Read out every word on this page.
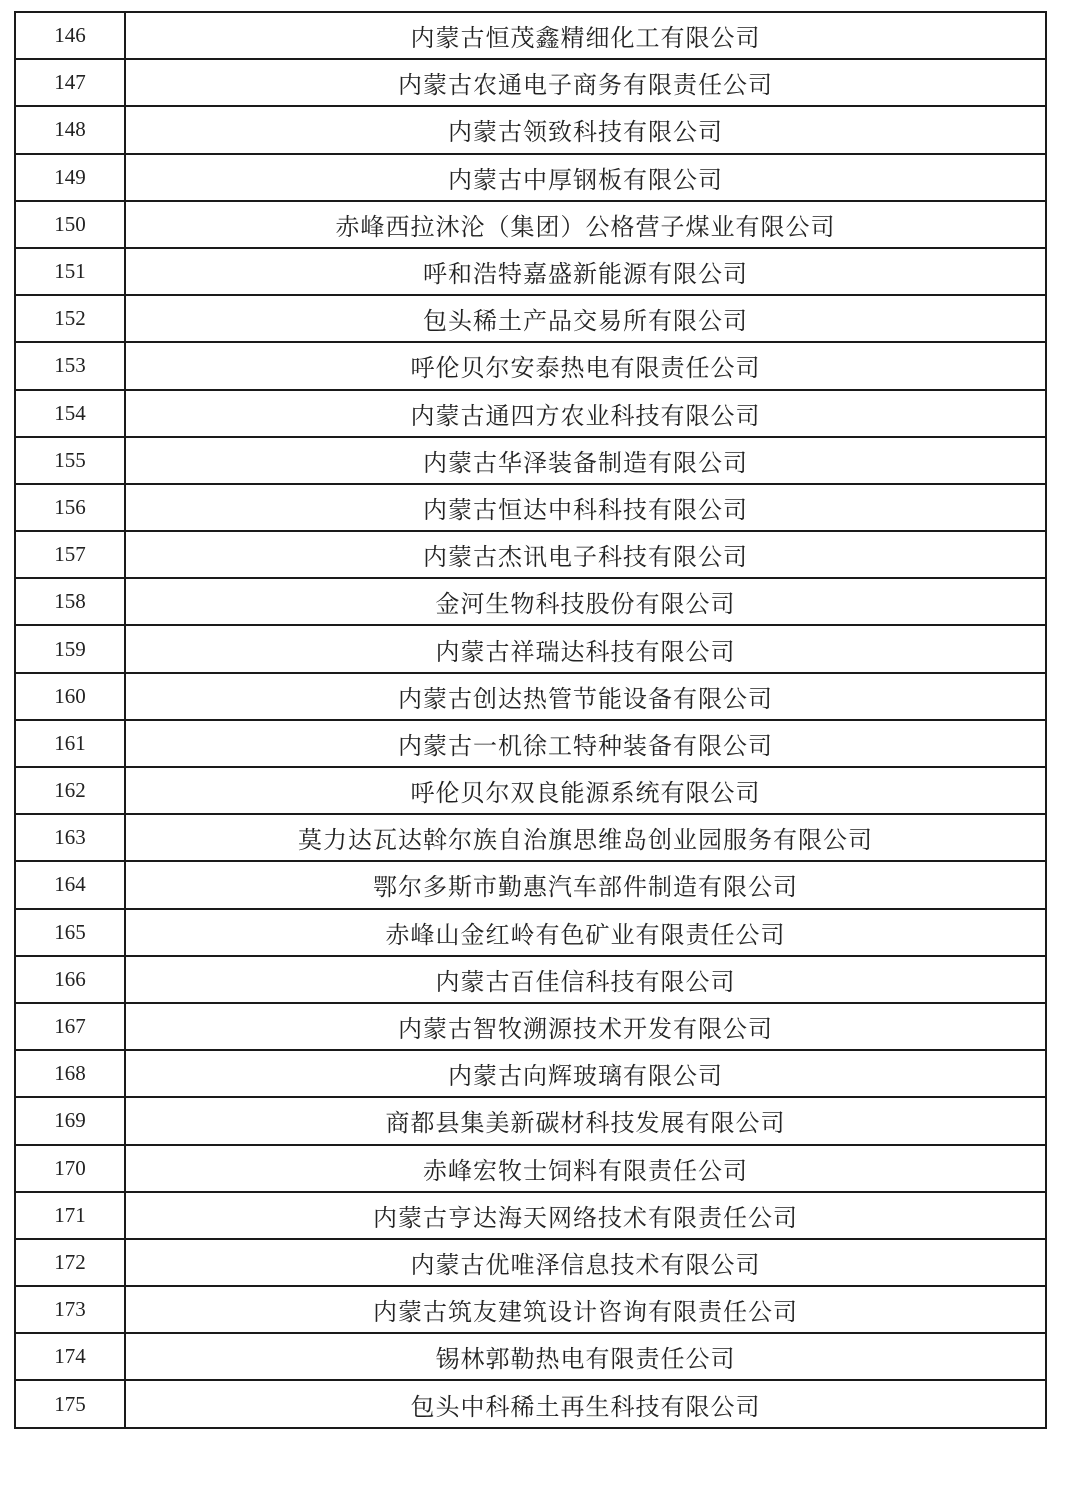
146	内蒙古恒茂鑫精细化工有限公司
147	内蒙古农通电子商务有限责任公司
148	内蒙古领致科技有限公司
149	内蒙古中厚钢板有限公司
150	赤峰西拉沐沦（集团）公格营子煤业有限公司
151	呼和浩特嘉盛新能源有限公司
152	包头稀土产品交易所有限公司
153	呼伦贝尔安泰热电有限责任公司
154	内蒙古通四方农业科技有限公司
155	内蒙古华泽装备制造有限公司
156	内蒙古恒达中科科技有限公司
157	内蒙古杰讯电子科技有限公司
158	金河生物科技股份有限公司
159	内蒙古祥瑞达科技有限公司
160	内蒙古创达热管节能设备有限公司
161	内蒙古一机徐工特种装备有限公司
162	呼伦贝尔双良能源系统有限公司
163	莫力达瓦达斡尔族自治旗思维岛创业园服务有限公司
164	鄂尔多斯市勤惠汽车部件制造有限公司
165	赤峰山金红岭有色矿业有限责任公司
166	内蒙古百佳信科技有限公司
167	内蒙古智牧溯源技术开发有限公司
168	内蒙古向辉玻璃有限公司
169	商都县集美新碳材科技发展有限公司
170	赤峰宏牧士饲料有限责任公司
171	内蒙古亨达海天网络技术有限责任公司
172	内蒙古优唯泽信息技术有限公司
173	内蒙古筑友建筑设计咨询有限责任公司
174	锡林郭勒热电有限责任公司
175	包头中科稀土再生科技有限公司
